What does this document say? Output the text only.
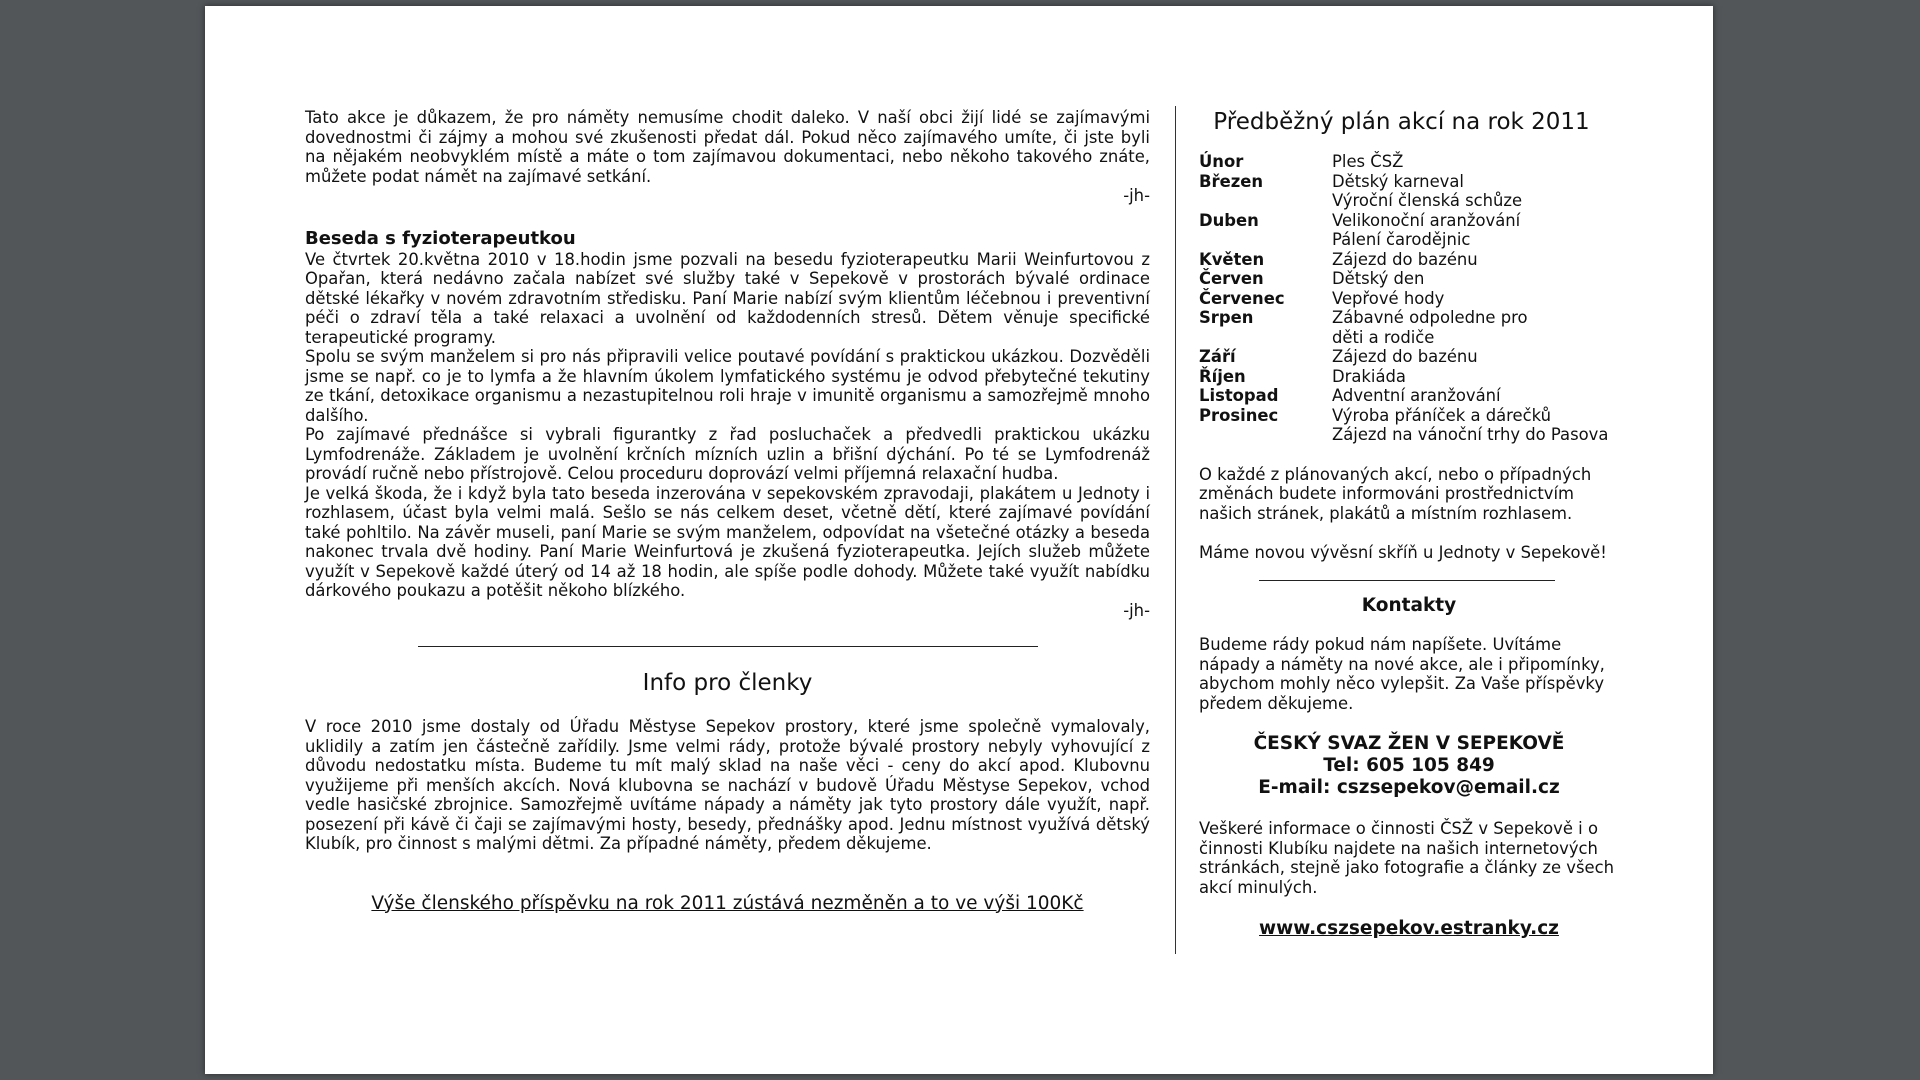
Tato akce je důkazem, že pro náměty nemusíme chodit daleko. V naší obci žijí lidé se zajímavými dovednostmi či zájmy a mohou své zkušenosti předat dál. Pokud něco zajímavého umíte, či jste byli na nějakém neobvyklém místě a máte o tom zajímavou dokumentaci, nebo někoho takového znáte, můžete podat námět na zajímavé setkání.

-jh-

Beseda s fyzioterapeutkou

Ve čtvrtek 20.května 2010 v 18.hodin jsme pozvali na besedu fyzioterapeutku Marii Weinfurtovou z Opařan, která nedávno začala nabízet své služby také v Sepekově v prostorách bývalé ordinace dětské lékařky v novém zdravotním středisku. Paní Marie nabízí svým klientům léčebnou i preventivní péči o zdraví těla a také relaxaci a uvolnění od každodenních stresů. Dětem věnuje specifické terapeutické programy.

Spolu se svým manželem si pro nás připravili velice poutavé povídání s praktickou ukázkou. Dozvěděli jsme se např. co je to lymfa a že hlavním úkolem lymfatického systému je odvod přebytečné tekutiny ze tkání, detoxikace organismu a nezastupitelnou roli hraje v imunitě organismu a samozřejmě mnoho dalšího.

Po zajímavé přednášce si vybrali figurantky z řad posluchaček a předvedli praktickou ukázku Lymfodrenáže. Základem je uvolnění krčních mízních uzlin a břišní dýchání. Po té se Lymfodrenáž provádí ručně nebo přístrojově. Celou proceduru doprovází velmi příjemná relaxační hudba.

Je velká škoda, že i když byla tato beseda inzerována v sepekovském zpravodaji, plakátem u Jednoty i rozhlasem, účast byla velmi malá. Sešlo se nás celkem deset, včetně dětí, které zajímavé povídání také pohltilo. Na závěr museli, paní Marie se svým manželem, odpovídat na všetečné otázky a beseda nakonec trvala dvě hodiny. Paní Marie Weinfurtová je zkušená fyzioterapeutka. Jejích služeb můžete využít v Sepekově každé úterý od 14 až 18 hodin, ale spíše podle dohody. Můžete také využít nabídku dárkového poukazu a potěšit někoho blízkého.

-jh-

Info pro členky

V roce 2010 jsme dostaly od Úřadu Městyse Sepekov prostory, které jsme společně vymalovaly, uklidily a zatím jen částečně zařídily. Jsme velmi rády, protože bývalé prostory nebyly vyhovující z důvodu nedostatku místa. Budeme tu mít malý sklad na naše věci - ceny do akcí apod. Klubovnu využijeme při menších akcích. Nová klubovna se nachází v budově Úřadu Městyse Sepekov, vchod vedle hasičské zbrojnice. Samozřejmě uvítáme nápady a náměty jak tyto prostory dále využít, např. posezení při kávě či čaji se zajímavými hosty, besedy, přednášky apod. Jednu místnost využívá dětský Klubík, pro činnost s malými dětmi. Za případné náměty, předem děkujeme.

Výše členského příspěvku na rok 2011 zústává nezměněn a to ve výši 100Kč
Předběžný plán akcí na rok 2011
Únor	Ples ČSŽ
Březen	Dětský karneval
	Výroční členská schůze
Duben	Velikonoční aranžování
	Pálení čarodějnic
Květen	Zájezd do bazénu
Červen	Dětský den
Červenec	Vepřové hody
Srpen	Zábavné odpoledne pro
	děti a rodiče
Září	Zájezd do bazénu
Říjen	Drakiáda
Listopad	Adventní aranžování
Prosinec	Výroba přáníček a dárečků
	Zájezd na vánoční trhy do Pasova

O každé z plánovaných akcí, nebo o případných změnách budete informováni prostřednictvím našich stránek, plakátů a místním rozhlasem.

Máme novou vývěsní skříň u Jednoty v Sepekově!

Kontakty

Budeme rády pokud nám napíšete. Uvítáme nápady a náměty na nové akce, ale i připomínky, abychom mohly něco vylepšit. Za Vaše příspěvky předem děkujeme.

ČESKÝ SVAZ ŽEN V SEPEKOVĚ
Tel: 605 105 849
E-mail: cszsepekov@email.cz

Veškeré informace o činnosti ČSŽ v Sepekově i o činnosti Klubíku najdete na našich internetových stránkách, stejně jako fotografie a články ze všech akcí minulých.

www.cszsepekov.estranky.cz
